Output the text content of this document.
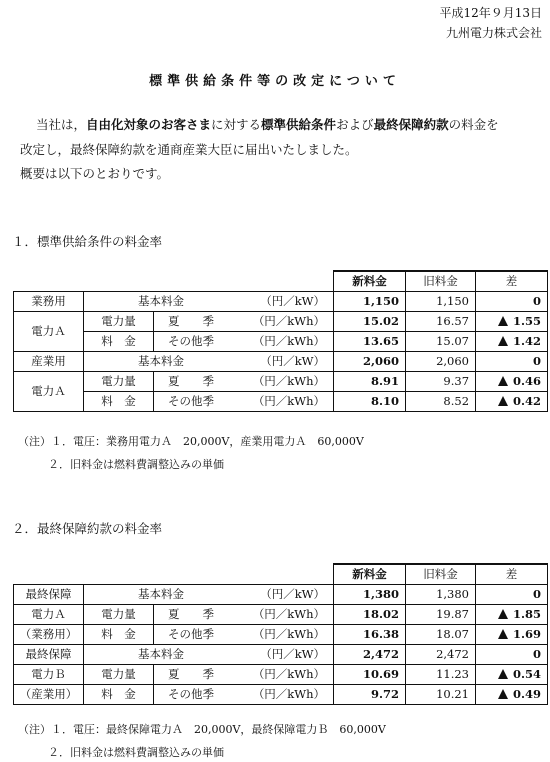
平成12年９月13日
九州電力株式会社
標準供給条件等の改定について

当社は，自由化対象のお客さまに対する標準供給条件および最終保障約款の料金を

改定し，最終保障約款を通商産業大臣に届出いたしました。

概要は以下のとおりです。

１．標準供給条件の料金率
			新料金	旧料金	差
業務用	基本料金 （円／kW）		1,150	1,150	0
電力Ａ	電力量	夏　　季 （円／kWh）	15.02	16.57	1.55
	料　金	その他季 （円／kWh）	13.65	15.07	1.42
産業用	基本料金 （円／kW）		2,060	2,060	0
電力Ａ	電力量	夏　　季 （円／kWh）	8.91	9.37	0.46
	料　金	その他季 （円／kWh）	8.10	8.52	0.42
（注）１．電圧：業務用電力Ａ　20,000V，産業用電力Ａ　60,000V
２．旧料金は燃料費調整込みの単価
２．最終保障約款の料金率
			新料金	旧料金	差
最終保障	基本料金 （円／kW）		1,380	1,380	0
電力Ａ	電力量	夏　　季 （円／kWh）	18.02	19.87	1.85
（業務用）	料　金	その他季 （円／kWh）	16.38	18.07	1.69
最終保障	基本料金 （円／kW）		2,472	2,472	0
電力Ｂ	電力量	夏　　季 （円／kWh）	10.69	11.23	0.54
（産業用）	料　金	その他季 （円／kWh）	9.72	10.21	0.49
（注）１．電圧：最終保障電力Ａ　20,000V，最終保障電力Ｂ　60,000V
２．旧料金は燃料費調整込みの単価
